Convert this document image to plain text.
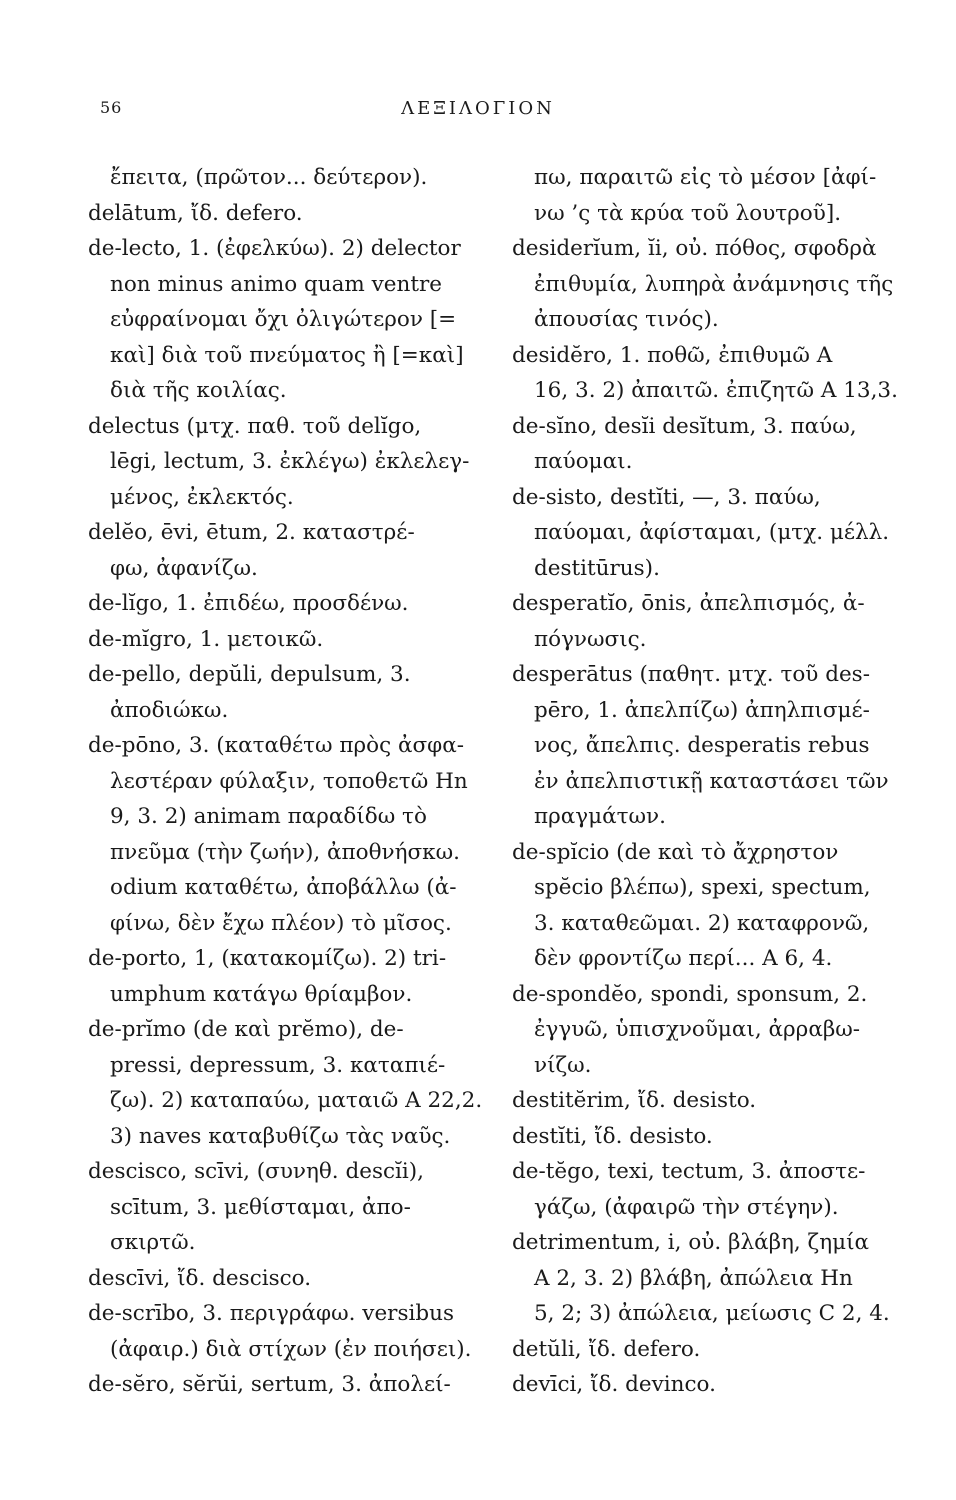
56	ΛΕΞΙΛΟΓΙΟΝ
ἔπειτα, (πρῶτον... δεύτερον).
delātum, ἴδ. defero.
de-lecto, 1. (ἐφελκύω). 2) delector
non minus animo quam ventre
εὐφραίνομαι ὄχι ὀλιγώτερον [=
καὶ] διὰ τοῦ πνεύματος ἢ [=καὶ]
διὰ τῆς κοιλίας.
delectus (μτχ. παθ. τοῦ delĭgo,
lēgi, lectum, 3. ἐκλέγω) ἐκλελεγ-
μένος, ἐκλεκτός.
delĕo, ēvi, ētum, 2. καταστρέ-
φω, ἀφανίζω.
de-lĭgo, 1. ἐπιδέω, προσδένω.
de-mĭgro, 1. μετοικῶ.
de-pello, depŭli, depulsum, 3.
ἀποδιώκω.
de-pōno, 3. (καταθέτω πρὸς ἀσφα-
λεστέραν φύλαξιν, τοποθετῶ Hn
9, 3. 2) animam παραδίδω τὸ
πνεῦμα (τὴν ζωήν), ἀποθνήσκω.
odium καταθέτω, ἀποβάλλω (ἀ-
φίνω, δὲν ἔχω πλέον) τὸ μῖσος.
de-porto, 1, (κατακομίζω). 2) tri-
umphum κατάγω θρίαμβον.
de-prĭmo (de καὶ prĕmo), de-
pressi, depressum, 3. καταπιέ-
ζω). 2) καταπαύω, ματαιῶ Α 22,2.
3) naves καταβυθίζω τὰς ναῦς.
descisco, scīvi, (συνηθ. descĭi),
scītum, 3. μεθίσταμαι, ἀπο-
σκιρτῶ.
descīvi, ἴδ. descisco.
de-scrībo, 3. περιγράφω. versibus
(ἀφαιρ.) διὰ στίχων (ἐν ποιήσει).
de-sĕro, sĕrŭi, sertum, 3. ἀπολεί-
πω, παραιτῶ εἰς τὸ μέσον [ἀφί-
νω ’ς τὰ κρύα τοῦ λουτροῦ].
desiderĭum, ĭi, οὐ. πόθος, σφοδρὰ
ἐπιθυμία, λυπηρὰ ἀνάμνησις τῆς
ἀπουσίας τινός).
desidĕro, 1. ποθῶ, ἐπιθυμῶ Α
16, 3. 2) ἀπαιτῶ. ἐπιζητῶ Α 13,3.
de-sĭno, desĭi desĭtum, 3. παύω,
παύομαι.
de-sisto, destĭti, —, 3. παύω,
παύομαι, ἀφίσταμαι, (μτχ. μέλλ.
destitūrus).
desperatĭo, ōnis, ἀπελπισμός, ἀ-
πόγνωσις.
desperātus (παθητ. μτχ. τοῦ des-
pēro, 1. ἀπελπίζω) ἀπηλπισμέ-
νος, ἄπελπις. desperatis rebus
ἐν ἀπελπιστικῇ καταστάσει τῶν
πραγμάτων.
de-spĭcio (de καὶ τὸ ἄχρηστον
spĕcio βλέπω), spexi, spectum,
3. καταθεῶμαι. 2) καταφρονῶ,
δὲν φροντίζω περί... Α 6, 4.
de-spondĕo, spondi, sponsum, 2.
ἐγγυῶ, ὑπισχνοῦμαι, ἀρραβω-
νίζω.
destitĕrim, ἴδ. desisto.
destĭti, ἴδ. desisto.
de-tĕgo, texi, tectum, 3. ἀποστε-
γάζω, (ἀφαιρῶ τὴν στέγην).
detrimentum, i, οὐ. βλάβη, ζημία
Α 2, 3. 2) βλάβη, ἀπώλεια Hn
5, 2; 3) ἀπώλεια, μείωσις C 2, 4.
detŭli, ἴδ. defero.
devīci, ἴδ. devinco.
